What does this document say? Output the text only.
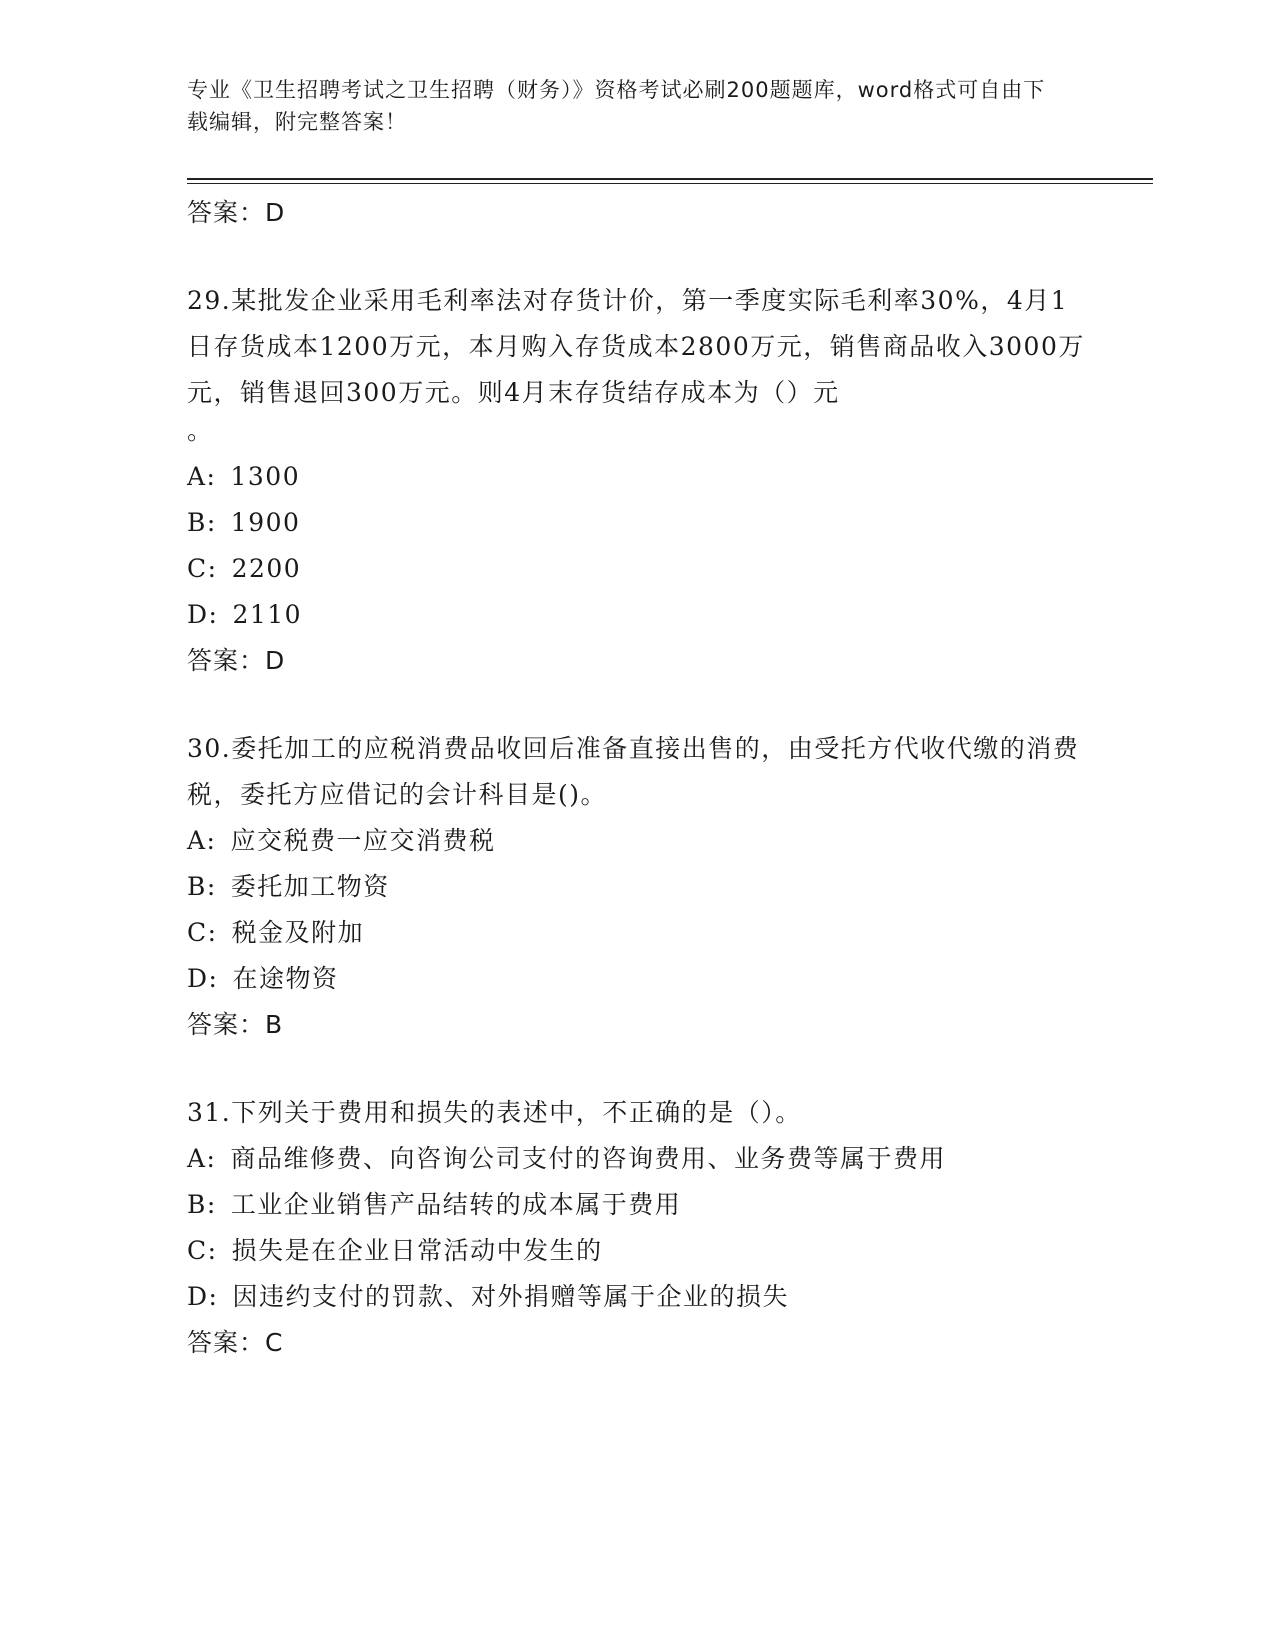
专业《卫生招聘考试之卫生招聘（财务）》资格考试必刷200题题库，word格式可自由下载编辑，附完整答案！
答案：D

29.某批发企业采用毛利率法对存货计价，第一季度实际毛利率30%，4月1日存货成本1200万元，本月购入存货成本2800万元，销售商品收入3000万元，销售退回300万元。则4月末存货结存成本为（）元

。
A: 1300
B: 1900
C: 2200
D: 2110
答案：D

30.委托加工的应税消费品收回后准备直接出售的，由受托方代收代缴的消费税，委托方应借记的会计科目是()。

A: 应交税费一应交消费税
B: 委托加工物资
C: 税金及附加
D: 在途物资
答案：B

31.下列关于费用和损失的表述中，不正确的是（）。

A: 商品维修费、向咨询公司支付的咨询费用、业务费等属于费用
B: 工业企业销售产品结转的成本属于费用
C: 损失是在企业日常活动中发生的
D: 因违约支付的罚款、对外捐赠等属于企业的损失
答案：C
